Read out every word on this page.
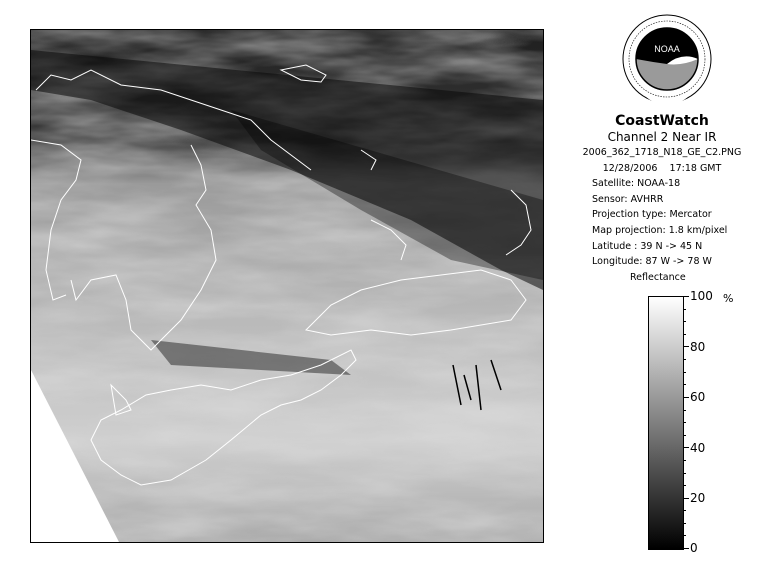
NOAA
CoastWatch
Channel 2 Near IR
2006_362_1718_N18_GE_C2.PNG
12/28/2006 17:18 GMT
Satellite: NOAA-18
Sensor: AVHRR
Projection type: Mercator
Map projection: 1.8 km/pixel
Latitude : 39 N -> 45 N
Longitude: 87 W -> 78 W
Reflectance
%
100
80
60
40
20
0
